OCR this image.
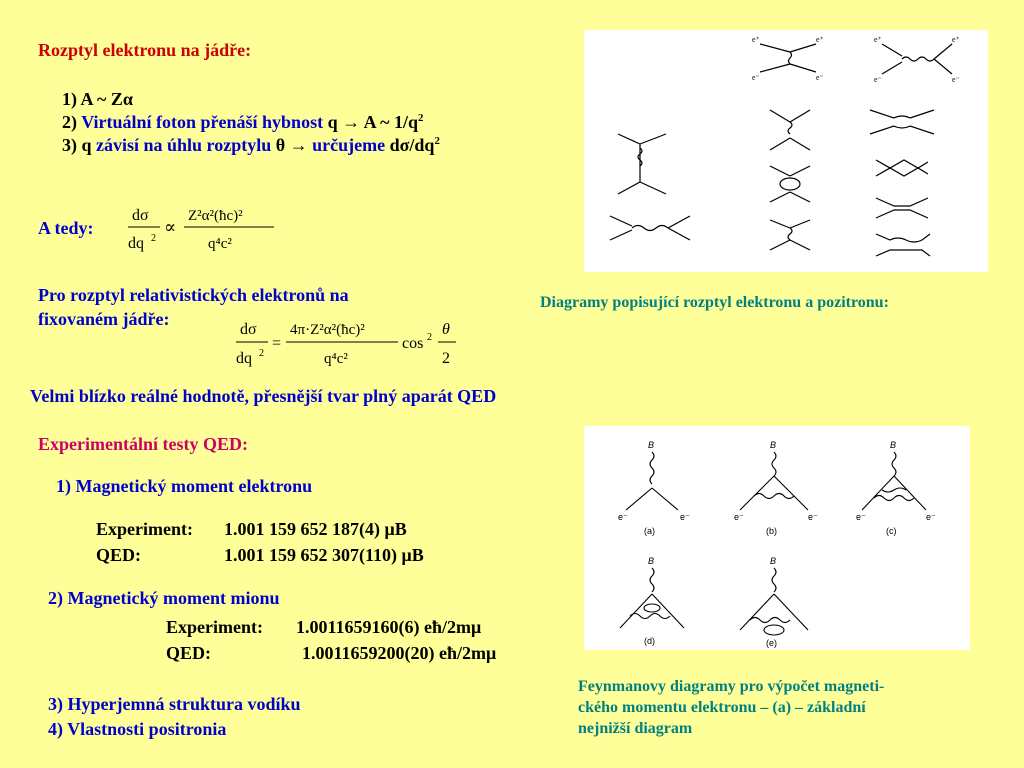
Rozptyl elektronu na jádře:
1) A ~ Zα
2) Virtuální foton přenáší hybnost q → A ~ $1/q^2$
3) q závisí na úhlu rozptylu θ → určujeme $d\sigma/dq^2$
A tedy:
dσ
dq 2
∝
Z²α²(ħc)²
q⁴c²
Pro rozptyl relativistických elektronů na
fixovaném jádře:
dσ
dq 2
=
4π·Z²α²(ħc)²
q⁴c²
cos 2 θ
2
Velmi blízko reálné hodnotě, přesnější tvar plný aparát QED
Experimentální testy QED:
1) Magnetický moment elektronu
Experiment: 1.001 159 652 187(4) μB
QED:	1.001 159 652 307(110) μB
2) Magnetický moment mionu
Experiment: 1.0011659160(6) eħ/2mμ
QED:	1.0011659200(20) eħ/2mμ
3) Hyperjemná struktura vodíku
4) Vlastnosti positronia
e⁺	e⁺
e⁻	e⁻
e⁺	e⁺
e⁻	e⁻
Diagramy popisující rozptyl elektronu a pozitronu:
B	B	B
B	B
e⁻	e⁻	e⁻	e⁻	e⁻	e⁻
(a)	(b)	(c)
(d)	(e)
Feynmanovy diagramy pro výpočet magneti-
ckého momentu elektronu – (a) – základní
nejnižší diagram
